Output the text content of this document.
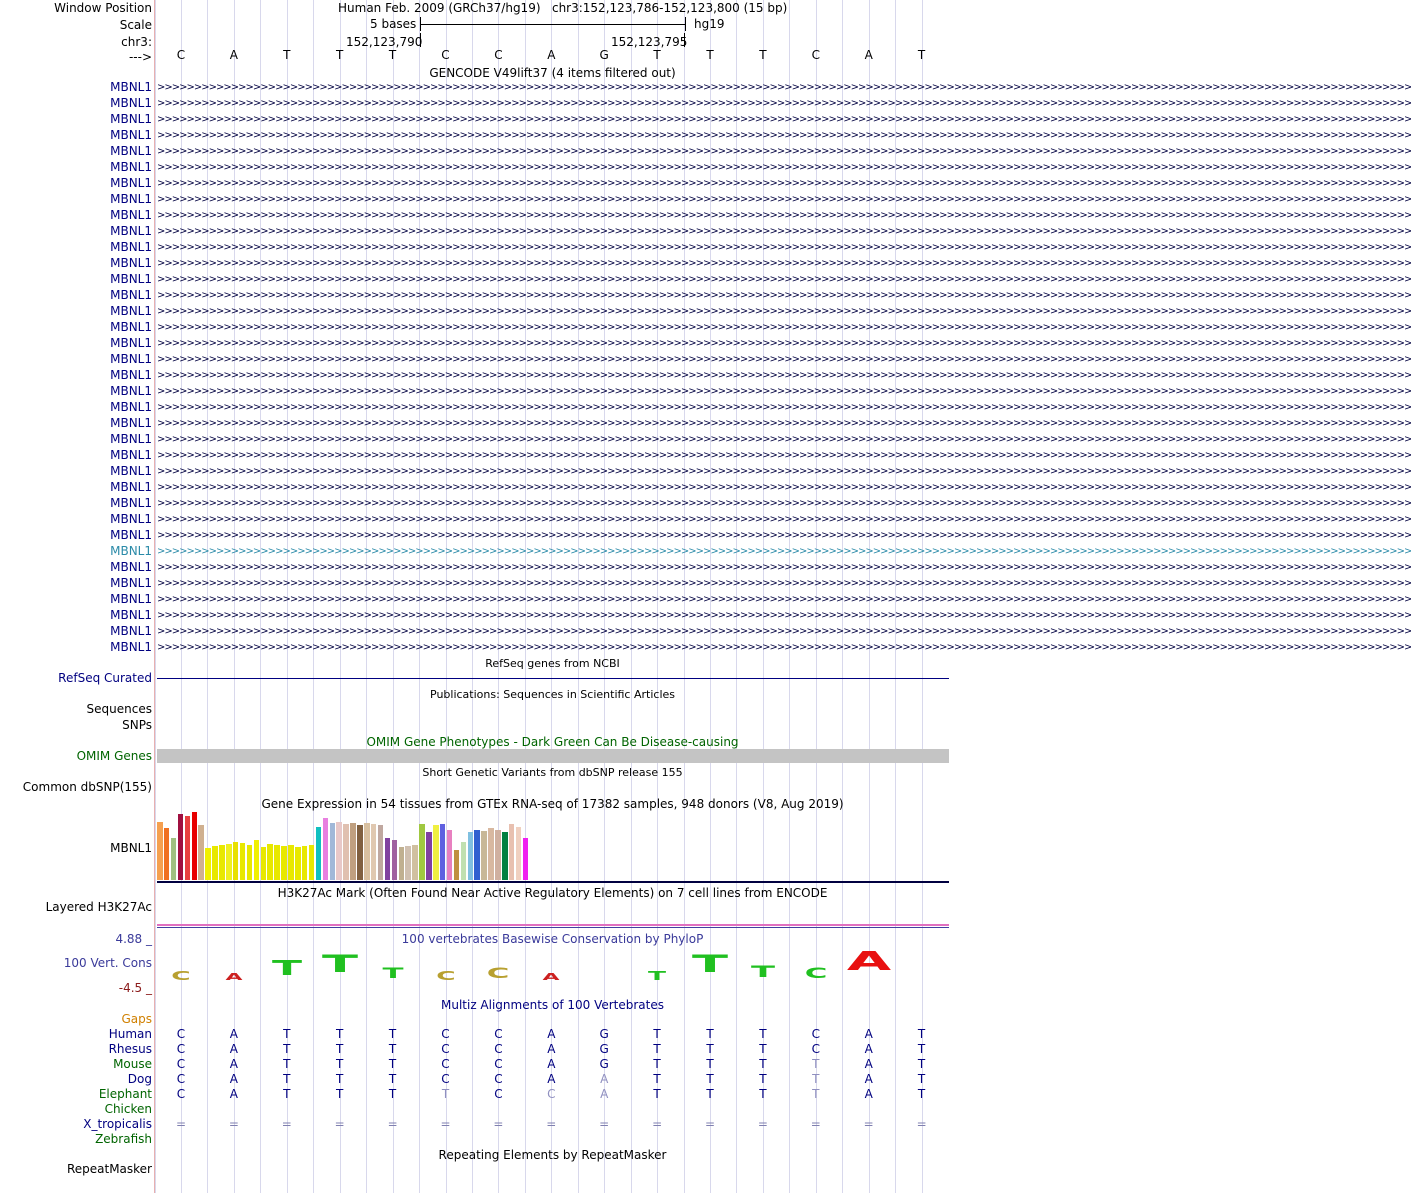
Window Position
Scale
chr3:
--->
Human Feb. 2009 (GRCh37/hg19) chr3:152,123,786-152,123,800 (15 bp)
5 bases	hg19
152,123,790	152,123,795
C	A	T	T	T	C	C	A	G	T	T	T	C	A	T
GENCODE V49lift37 (4 items filtered out)
MBNL1 >>>>>>>>>>>>>>>>>>>>>>>>>>>>>>>>>>>>>>>>>>>>>>>>>>>>>>>>>>>>>>>>>>>>>>>>>>>>>>>>>>>>>>>>>>>>>>>>>>>>>>>>>>>>>>>>>>>>>>>>>>>>>>>>>>>>>>>>>>>>>>>>>>>>>>>>>>>>>>>>>>>>>>>>>>
MBNL1 >>>>>>>>>>>>>>>>>>>>>>>>>>>>>>>>>>>>>>>>>>>>>>>>>>>>>>>>>>>>>>>>>>>>>>>>>>>>>>>>>>>>>>>>>>>>>>>>>>>>>>>>>>>>>>>>>>>>>>>>>>>>>>>>>>>>>>>>>>>>>>>>>>>>>>>>>>>>>>>>>>>>>>>>>>
MBNL1 >>>>>>>>>>>>>>>>>>>>>>>>>>>>>>>>>>>>>>>>>>>>>>>>>>>>>>>>>>>>>>>>>>>>>>>>>>>>>>>>>>>>>>>>>>>>>>>>>>>>>>>>>>>>>>>>>>>>>>>>>>>>>>>>>>>>>>>>>>>>>>>>>>>>>>>>>>>>>>>>>>>>>>>>>>
MBNL1 >>>>>>>>>>>>>>>>>>>>>>>>>>>>>>>>>>>>>>>>>>>>>>>>>>>>>>>>>>>>>>>>>>>>>>>>>>>>>>>>>>>>>>>>>>>>>>>>>>>>>>>>>>>>>>>>>>>>>>>>>>>>>>>>>>>>>>>>>>>>>>>>>>>>>>>>>>>>>>>>>>>>>>>>>>
MBNL1 >>>>>>>>>>>>>>>>>>>>>>>>>>>>>>>>>>>>>>>>>>>>>>>>>>>>>>>>>>>>>>>>>>>>>>>>>>>>>>>>>>>>>>>>>>>>>>>>>>>>>>>>>>>>>>>>>>>>>>>>>>>>>>>>>>>>>>>>>>>>>>>>>>>>>>>>>>>>>>>>>>>>>>>>>>
MBNL1 >>>>>>>>>>>>>>>>>>>>>>>>>>>>>>>>>>>>>>>>>>>>>>>>>>>>>>>>>>>>>>>>>>>>>>>>>>>>>>>>>>>>>>>>>>>>>>>>>>>>>>>>>>>>>>>>>>>>>>>>>>>>>>>>>>>>>>>>>>>>>>>>>>>>>>>>>>>>>>>>>>>>>>>>>>
MBNL1 >>>>>>>>>>>>>>>>>>>>>>>>>>>>>>>>>>>>>>>>>>>>>>>>>>>>>>>>>>>>>>>>>>>>>>>>>>>>>>>>>>>>>>>>>>>>>>>>>>>>>>>>>>>>>>>>>>>>>>>>>>>>>>>>>>>>>>>>>>>>>>>>>>>>>>>>>>>>>>>>>>>>>>>>>>
MBNL1 >>>>>>>>>>>>>>>>>>>>>>>>>>>>>>>>>>>>>>>>>>>>>>>>>>>>>>>>>>>>>>>>>>>>>>>>>>>>>>>>>>>>>>>>>>>>>>>>>>>>>>>>>>>>>>>>>>>>>>>>>>>>>>>>>>>>>>>>>>>>>>>>>>>>>>>>>>>>>>>>>>>>>>>>>>
MBNL1 >>>>>>>>>>>>>>>>>>>>>>>>>>>>>>>>>>>>>>>>>>>>>>>>>>>>>>>>>>>>>>>>>>>>>>>>>>>>>>>>>>>>>>>>>>>>>>>>>>>>>>>>>>>>>>>>>>>>>>>>>>>>>>>>>>>>>>>>>>>>>>>>>>>>>>>>>>>>>>>>>>>>>>>>>>
MBNL1 >>>>>>>>>>>>>>>>>>>>>>>>>>>>>>>>>>>>>>>>>>>>>>>>>>>>>>>>>>>>>>>>>>>>>>>>>>>>>>>>>>>>>>>>>>>>>>>>>>>>>>>>>>>>>>>>>>>>>>>>>>>>>>>>>>>>>>>>>>>>>>>>>>>>>>>>>>>>>>>>>>>>>>>>>>
MBNL1 >>>>>>>>>>>>>>>>>>>>>>>>>>>>>>>>>>>>>>>>>>>>>>>>>>>>>>>>>>>>>>>>>>>>>>>>>>>>>>>>>>>>>>>>>>>>>>>>>>>>>>>>>>>>>>>>>>>>>>>>>>>>>>>>>>>>>>>>>>>>>>>>>>>>>>>>>>>>>>>>>>>>>>>>>>
MBNL1 >>>>>>>>>>>>>>>>>>>>>>>>>>>>>>>>>>>>>>>>>>>>>>>>>>>>>>>>>>>>>>>>>>>>>>>>>>>>>>>>>>>>>>>>>>>>>>>>>>>>>>>>>>>>>>>>>>>>>>>>>>>>>>>>>>>>>>>>>>>>>>>>>>>>>>>>>>>>>>>>>>>>>>>>>>
MBNL1 >>>>>>>>>>>>>>>>>>>>>>>>>>>>>>>>>>>>>>>>>>>>>>>>>>>>>>>>>>>>>>>>>>>>>>>>>>>>>>>>>>>>>>>>>>>>>>>>>>>>>>>>>>>>>>>>>>>>>>>>>>>>>>>>>>>>>>>>>>>>>>>>>>>>>>>>>>>>>>>>>>>>>>>>>>
MBNL1 >>>>>>>>>>>>>>>>>>>>>>>>>>>>>>>>>>>>>>>>>>>>>>>>>>>>>>>>>>>>>>>>>>>>>>>>>>>>>>>>>>>>>>>>>>>>>>>>>>>>>>>>>>>>>>>>>>>>>>>>>>>>>>>>>>>>>>>>>>>>>>>>>>>>>>>>>>>>>>>>>>>>>>>>>>
MBNL1 >>>>>>>>>>>>>>>>>>>>>>>>>>>>>>>>>>>>>>>>>>>>>>>>>>>>>>>>>>>>>>>>>>>>>>>>>>>>>>>>>>>>>>>>>>>>>>>>>>>>>>>>>>>>>>>>>>>>>>>>>>>>>>>>>>>>>>>>>>>>>>>>>>>>>>>>>>>>>>>>>>>>>>>>>>
MBNL1 >>>>>>>>>>>>>>>>>>>>>>>>>>>>>>>>>>>>>>>>>>>>>>>>>>>>>>>>>>>>>>>>>>>>>>>>>>>>>>>>>>>>>>>>>>>>>>>>>>>>>>>>>>>>>>>>>>>>>>>>>>>>>>>>>>>>>>>>>>>>>>>>>>>>>>>>>>>>>>>>>>>>>>>>>>
MBNL1 >>>>>>>>>>>>>>>>>>>>>>>>>>>>>>>>>>>>>>>>>>>>>>>>>>>>>>>>>>>>>>>>>>>>>>>>>>>>>>>>>>>>>>>>>>>>>>>>>>>>>>>>>>>>>>>>>>>>>>>>>>>>>>>>>>>>>>>>>>>>>>>>>>>>>>>>>>>>>>>>>>>>>>>>>>
MBNL1 >>>>>>>>>>>>>>>>>>>>>>>>>>>>>>>>>>>>>>>>>>>>>>>>>>>>>>>>>>>>>>>>>>>>>>>>>>>>>>>>>>>>>>>>>>>>>>>>>>>>>>>>>>>>>>>>>>>>>>>>>>>>>>>>>>>>>>>>>>>>>>>>>>>>>>>>>>>>>>>>>>>>>>>>>>
MBNL1 >>>>>>>>>>>>>>>>>>>>>>>>>>>>>>>>>>>>>>>>>>>>>>>>>>>>>>>>>>>>>>>>>>>>>>>>>>>>>>>>>>>>>>>>>>>>>>>>>>>>>>>>>>>>>>>>>>>>>>>>>>>>>>>>>>>>>>>>>>>>>>>>>>>>>>>>>>>>>>>>>>>>>>>>>>
MBNL1 >>>>>>>>>>>>>>>>>>>>>>>>>>>>>>>>>>>>>>>>>>>>>>>>>>>>>>>>>>>>>>>>>>>>>>>>>>>>>>>>>>>>>>>>>>>>>>>>>>>>>>>>>>>>>>>>>>>>>>>>>>>>>>>>>>>>>>>>>>>>>>>>>>>>>>>>>>>>>>>>>>>>>>>>>>
MBNL1 >>>>>>>>>>>>>>>>>>>>>>>>>>>>>>>>>>>>>>>>>>>>>>>>>>>>>>>>>>>>>>>>>>>>>>>>>>>>>>>>>>>>>>>>>>>>>>>>>>>>>>>>>>>>>>>>>>>>>>>>>>>>>>>>>>>>>>>>>>>>>>>>>>>>>>>>>>>>>>>>>>>>>>>>>>
MBNL1 >>>>>>>>>>>>>>>>>>>>>>>>>>>>>>>>>>>>>>>>>>>>>>>>>>>>>>>>>>>>>>>>>>>>>>>>>>>>>>>>>>>>>>>>>>>>>>>>>>>>>>>>>>>>>>>>>>>>>>>>>>>>>>>>>>>>>>>>>>>>>>>>>>>>>>>>>>>>>>>>>>>>>>>>>>
MBNL1 >>>>>>>>>>>>>>>>>>>>>>>>>>>>>>>>>>>>>>>>>>>>>>>>>>>>>>>>>>>>>>>>>>>>>>>>>>>>>>>>>>>>>>>>>>>>>>>>>>>>>>>>>>>>>>>>>>>>>>>>>>>>>>>>>>>>>>>>>>>>>>>>>>>>>>>>>>>>>>>>>>>>>>>>>>
MBNL1 >>>>>>>>>>>>>>>>>>>>>>>>>>>>>>>>>>>>>>>>>>>>>>>>>>>>>>>>>>>>>>>>>>>>>>>>>>>>>>>>>>>>>>>>>>>>>>>>>>>>>>>>>>>>>>>>>>>>>>>>>>>>>>>>>>>>>>>>>>>>>>>>>>>>>>>>>>>>>>>>>>>>>>>>>>
MBNL1 >>>>>>>>>>>>>>>>>>>>>>>>>>>>>>>>>>>>>>>>>>>>>>>>>>>>>>>>>>>>>>>>>>>>>>>>>>>>>>>>>>>>>>>>>>>>>>>>>>>>>>>>>>>>>>>>>>>>>>>>>>>>>>>>>>>>>>>>>>>>>>>>>>>>>>>>>>>>>>>>>>>>>>>>>>
MBNL1 >>>>>>>>>>>>>>>>>>>>>>>>>>>>>>>>>>>>>>>>>>>>>>>>>>>>>>>>>>>>>>>>>>>>>>>>>>>>>>>>>>>>>>>>>>>>>>>>>>>>>>>>>>>>>>>>>>>>>>>>>>>>>>>>>>>>>>>>>>>>>>>>>>>>>>>>>>>>>>>>>>>>>>>>>>
MBNL1 >>>>>>>>>>>>>>>>>>>>>>>>>>>>>>>>>>>>>>>>>>>>>>>>>>>>>>>>>>>>>>>>>>>>>>>>>>>>>>>>>>>>>>>>>>>>>>>>>>>>>>>>>>>>>>>>>>>>>>>>>>>>>>>>>>>>>>>>>>>>>>>>>>>>>>>>>>>>>>>>>>>>>>>>>>
MBNL1 >>>>>>>>>>>>>>>>>>>>>>>>>>>>>>>>>>>>>>>>>>>>>>>>>>>>>>>>>>>>>>>>>>>>>>>>>>>>>>>>>>>>>>>>>>>>>>>>>>>>>>>>>>>>>>>>>>>>>>>>>>>>>>>>>>>>>>>>>>>>>>>>>>>>>>>>>>>>>>>>>>>>>>>>>>
MBNL1 >>>>>>>>>>>>>>>>>>>>>>>>>>>>>>>>>>>>>>>>>>>>>>>>>>>>>>>>>>>>>>>>>>>>>>>>>>>>>>>>>>>>>>>>>>>>>>>>>>>>>>>>>>>>>>>>>>>>>>>>>>>>>>>>>>>>>>>>>>>>>>>>>>>>>>>>>>>>>>>>>>>>>>>>>>
MBNL1 >>>>>>>>>>>>>>>>>>>>>>>>>>>>>>>>>>>>>>>>>>>>>>>>>>>>>>>>>>>>>>>>>>>>>>>>>>>>>>>>>>>>>>>>>>>>>>>>>>>>>>>>>>>>>>>>>>>>>>>>>>>>>>>>>>>>>>>>>>>>>>>>>>>>>>>>>>>>>>>>>>>>>>>>>>
MBNL1 >>>>>>>>>>>>>>>>>>>>>>>>>>>>>>>>>>>>>>>>>>>>>>>>>>>>>>>>>>>>>>>>>>>>>>>>>>>>>>>>>>>>>>>>>>>>>>>>>>>>>>>>>>>>>>>>>>>>>>>>>>>>>>>>>>>>>>>>>>>>>>>>>>>>>>>>>>>>>>>>>>>>>>>>>>
MBNL1 >>>>>>>>>>>>>>>>>>>>>>>>>>>>>>>>>>>>>>>>>>>>>>>>>>>>>>>>>>>>>>>>>>>>>>>>>>>>>>>>>>>>>>>>>>>>>>>>>>>>>>>>>>>>>>>>>>>>>>>>>>>>>>>>>>>>>>>>>>>>>>>>>>>>>>>>>>>>>>>>>>>>>>>>>>
MBNL1 >>>>>>>>>>>>>>>>>>>>>>>>>>>>>>>>>>>>>>>>>>>>>>>>>>>>>>>>>>>>>>>>>>>>>>>>>>>>>>>>>>>>>>>>>>>>>>>>>>>>>>>>>>>>>>>>>>>>>>>>>>>>>>>>>>>>>>>>>>>>>>>>>>>>>>>>>>>>>>>>>>>>>>>>>>
MBNL1 >>>>>>>>>>>>>>>>>>>>>>>>>>>>>>>>>>>>>>>>>>>>>>>>>>>>>>>>>>>>>>>>>>>>>>>>>>>>>>>>>>>>>>>>>>>>>>>>>>>>>>>>>>>>>>>>>>>>>>>>>>>>>>>>>>>>>>>>>>>>>>>>>>>>>>>>>>>>>>>>>>>>>>>>>>
MBNL1 >>>>>>>>>>>>>>>>>>>>>>>>>>>>>>>>>>>>>>>>>>>>>>>>>>>>>>>>>>>>>>>>>>>>>>>>>>>>>>>>>>>>>>>>>>>>>>>>>>>>>>>>>>>>>>>>>>>>>>>>>>>>>>>>>>>>>>>>>>>>>>>>>>>>>>>>>>>>>>>>>>>>>>>>>>
MBNL1 >>>>>>>>>>>>>>>>>>>>>>>>>>>>>>>>>>>>>>>>>>>>>>>>>>>>>>>>>>>>>>>>>>>>>>>>>>>>>>>>>>>>>>>>>>>>>>>>>>>>>>>>>>>>>>>>>>>>>>>>>>>>>>>>>>>>>>>>>>>>>>>>>>>>>>>>>>>>>>>>>>>>>>>>>>
RefSeq genes from NCBI
RefSeq Curated
Publications: Sequences in Scientific Articles
Sequences
SNPs
OMIM Gene Phenotypes - Dark Green Can Be Disease-causing
OMIM Genes
Short Genetic Variants from dbSNP release 155
Common dbSNP(155)
Gene Expression in 54 tissues from GTEx RNA-seq of 17382 samples, 948 donors (V8, Aug 2019)
MBNL1
H3K27Ac Mark (Often Found Near Active Regulatory Elements) on 7 cell lines from ENCODE
Layered H3K27Ac
100 vertebrates Basewise Conservation by PhyloP
4.88 _
100 Vert. Cons
-4.5 _
C	A	T T	T	C	C	A	T	T	T	C A
Multiz Alignments of 100 Vertebrates
Gaps
Human	C	A	T	T	T	C	C	A	G	T	T	T	C	A	T
Rhesus	C	A	T	T	T	C	C	A	G	T	T	T	C	A	T
Mouse	C	A	T	T	T	C	C	A	G	T	T	T	T	A	T
Dog	C	A	T	T	T	C	C	A	A	T	T	T	T	A	T
Elephant	C	A	T	T	T	T	C	C	A	T	T	T	T	A	T
Chicken
X_tropicalis	=	=	=	=	=	=	=	=	=	=	=	=	=	=	=
Zebrafish
Repeating Elements by RepeatMasker
RepeatMasker
